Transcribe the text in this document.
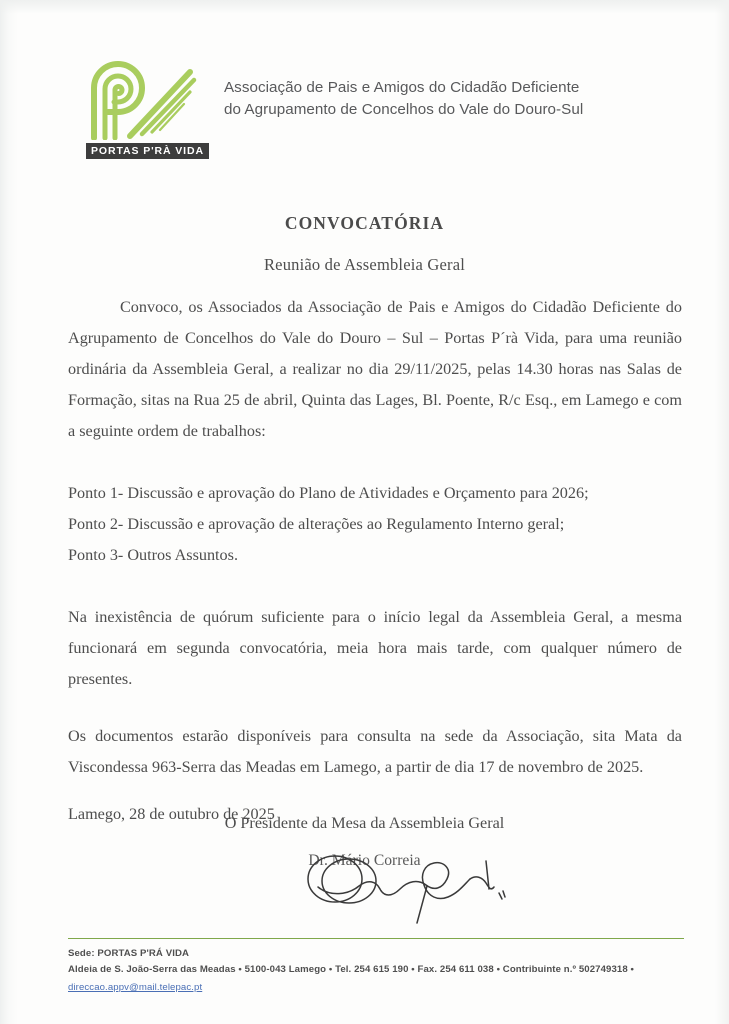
PORTAS P'RÀ VIDA
Associação de Pais e Amigos do Cidadão Deficiente
do Agrupamento de Concelhos do Vale do Douro-Sul
CONVOCATÓRIA
Reunião de Assembleia Geral

Convoco, os Associados da Associação de Pais e Amigos do Cidadão Deficiente do Agrupamento de Concelhos do Vale do Douro – Sul – Portas P´rà Vida, para uma reunião ordinária da Assembleia Geral, a realizar no dia 29/11/2025, pelas 14.30 horas nas Salas de Formação, sitas na Rua 25 de abril, Quinta das Lages, Bl. Poente, R/c Esq., em Lamego e com a seguinte ordem de trabalhos:

Ponto 1- Discussão e aprovação do Plano de Atividades e Orçamento para 2026;

Ponto 2- Discussão e aprovação de alterações ao Regulamento Interno geral;

Ponto 3- Outros Assuntos.

Na inexistência de quórum suficiente para o início legal da Assembleia Geral, a mesma funcionará em segunda convocatória, meia hora mais tarde, com qualquer número de presentes.

Os documentos estarão disponíveis para consulta na sede da Associação, sita Mata da Viscondessa 963-Serra das Meadas em Lamego, a partir de dia 17 de novembro de 2025.

Lamego, 28 de outubro de 2025

O Presidente da Mesa da Assembleia Geral
Dr. Mário Correia
Sede: PORTAS P'RÁ VIDA
Aldeia de S. João-Serra das Meadas • 5100-043 Lamego • Tel. 254 615 190 • Fax. 254 611 038 • Contribuinte n.º 502749318 •
direccao.appv@mail.telepac.pt
